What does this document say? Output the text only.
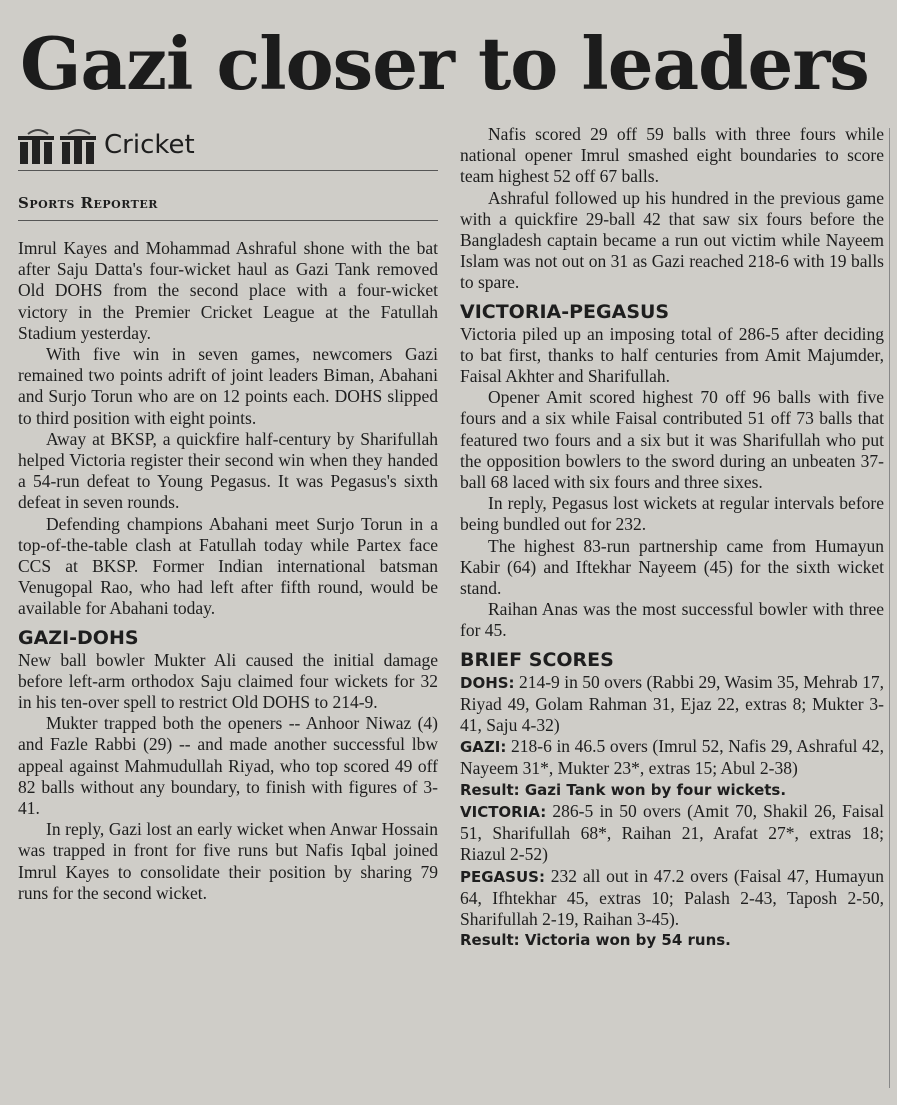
Gazi closer to leaders
Cricket
Sports Reporter
Imrul Kayes and Mohammad Ashraful shone with the bat after Saju Datta's four-wicket haul as Gazi Tank removed Old DOHS from the second place with a four-wicket victory in the Premier Cricket League at the Fatullah Stadium yesterday.
With five win in seven games, newcomers Gazi remained two points adrift of joint leaders Biman, Abahani and Surjo Torun who are on 12 points each. DOHS slipped to third position with eight points.
Away at BKSP, a quickfire half-century by Sharifullah helped Victoria register their second win when they handed a 54-run defeat to Young Pegasus. It was Pegasus's sixth defeat in seven rounds.
Defending champions Abahani meet Surjo Torun in a top-of-the-table clash at Fatullah today while Partex face CCS at BKSP. Former Indian international batsman Venugopal Rao, who had left after fifth round, would be available for Abahani today.
GAZI-DOHS
New ball bowler Mukter Ali caused the initial damage before left-arm orthodox Saju claimed four wickets for 32 in his ten-over spell to restrict Old DOHS to 214-9.
Mukter trapped both the openers -- Anhoor Niwaz (4) and Fazle Rabbi (29) -- and made another successful lbw appeal against Mahmudullah Riyad, who top scored 49 off 82 balls without any boundary, to finish with figures of 3-41.
In reply, Gazi lost an early wicket when Anwar Hossain was trapped in front for five runs but Nafis Iqbal joined Imrul Kayes to consolidate their position by sharing 79 runs for the second wicket.
Nafis scored 29 off 59 balls with three fours while national opener Imrul smashed eight boundaries to score team highest 52 off 67 balls.
Ashraful followed up his hundred in the previous game with a quickfire 29-ball 42 that saw six fours before the Bangladesh captain became a run out victim while Nayeem Islam was not out on 31 as Gazi reached 218-6 with 19 balls to spare.
VICTORIA-PEGASUS
Victoria piled up an imposing total of 286-5 after deciding to bat first, thanks to half centuries from Amit Majumder, Faisal Akhter and Sharifullah.
Opener Amit scored highest 70 off 96 balls with five fours and a six while Faisal contributed 51 off 73 balls that featured two fours and a six but it was Sharifullah who put the opposition bowlers to the sword during an unbeaten 37-ball 68 laced with six fours and three sixes.
In reply, Pegasus lost wickets at regular intervals before being bundled out for 232.
The highest 83-run partnership came from Humayun Kabir (64) and Iftekhar Nayeem (45) for the sixth wicket stand.
Raihan Anas was the most successful bowler with three for 45.
BRIEF SCORES
DOHS: 214-9 in 50 overs (Rabbi 29, Wasim 35, Mehrab 17, Riyad 49, Golam Rahman 31, Ejaz 22, extras 8; Mukter 3-41, Saju 4-32)
GAZI: 218-6 in 46.5 overs (Imrul 52, Nafis 29, Ashraful 42, Nayeem 31*, Mukter 23*, extras 15; Abul 2-38)
Result: Gazi Tank won by four wickets.
VICTORIA: 286-5 in 50 overs (Amit 70, Shakil 26, Faisal 51, Sharifullah 68*, Raihan 21, Arafat 27*, extras 18; Riazul 2-52)
PEGASUS: 232 all out in 47.2 overs (Faisal 47, Humayun 64, Ifhtekhar 45, extras 10; Palash 2-43, Taposh 2-50, Sharifullah 2-19, Raihan 3-45).
Result: Victoria won by 54 runs.
